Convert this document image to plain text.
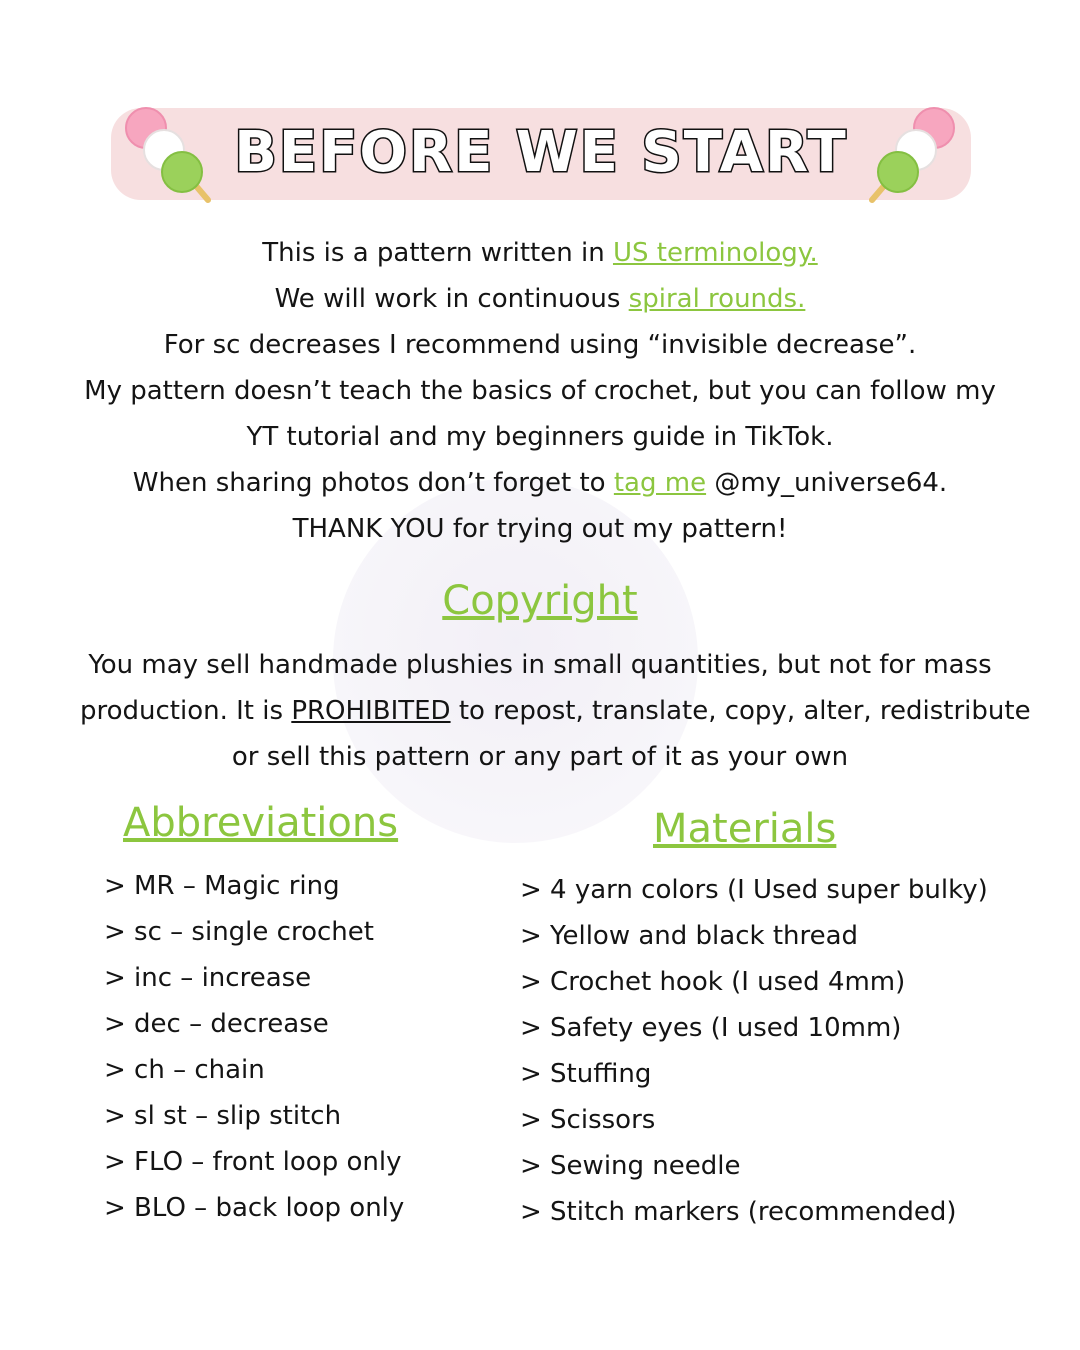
BEFORE WE START

This is a pattern written in US terminology.

We will work in continuous spiral rounds.

For sc decreases I recommend using “invisible decrease”.

My pattern doesn’t teach the basics of crochet, but you can follow my

YT tutorial and my beginners guide in TikTok.

When sharing photos don’t forget to tag me @my_universe64.

THANK YOU for trying out my pattern!

Copyright

You may sell handmade plushies in small quantities, but not for mass

production. It is PROHIBITED to repost, translate, copy, alter, redistribute

or sell this pattern or any part of it as your own

Abbreviations	Materials
> MR – Magic ring
> sc – single crochet
> inc – increase
> dec – decrease
> ch – chain
> sl st – slip stitch
> FLO – front loop only
> BLO – back loop only
> 4 yarn colors (I Used super bulky)
> Yellow and black thread
> Crochet hook (I used 4mm)
> Safety eyes (I used 10mm)
> Stuffing
> Scissors
> Sewing needle
> Stitch markers (recommended)
